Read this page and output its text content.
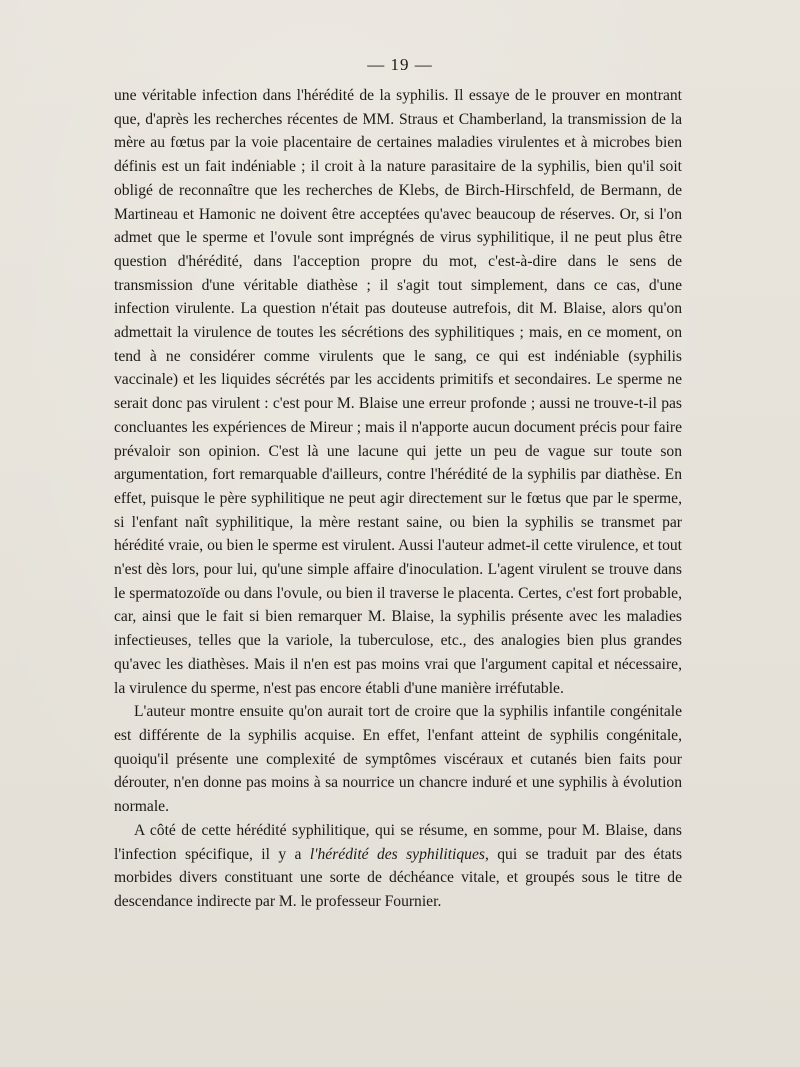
— 19 —

une véritable infection dans l'hérédité de la syphilis. Il essaye de le prouver en montrant que, d'après les recherches récentes de MM. Straus et Chamberland, la transmission de la mère au fœtus par la voie placentaire de certaines maladies virulentes et à microbes bien définis est un fait indéniable ; il croit à la nature parasitaire de la syphilis, bien qu'il soit obligé de reconnaître que les recherches de Klebs, de Birch-Hirschfeld, de Bermann, de Martineau et Hamonic ne doivent être acceptées qu'avec beaucoup de réserves. Or, si l'on admet que le sperme et l'ovule sont imprégnés de virus syphilitique, il ne peut plus être question d'hérédité, dans l'acception propre du mot, c'est-à-dire dans le sens de transmission d'une véritable diathèse ; il s'agit tout simplement, dans ce cas, d'une infection virulente. La question n'était pas douteuse autrefois, dit M. Blaise, alors qu'on admettait la virulence de toutes les sécrétions des syphilitiques ; mais, en ce moment, on tend à ne considérer comme virulents que le sang, ce qui est indéniable (syphilis vaccinale) et les liquides sécrétés par les accidents primitifs et secondaires. Le sperme ne serait donc pas virulent : c'est pour M. Blaise une erreur profonde ; aussi ne trouve-t-il pas concluantes les expériences de Mireur ; mais il n'apporte aucun document précis pour faire prévaloir son opinion. C'est là une lacune qui jette un peu de vague sur toute son argumentation, fort remarquable d'ailleurs, contre l'hérédité de la syphilis par diathèse. En effet, puisque le père syphilitique ne peut agir directement sur le fœtus que par le sperme, si l'enfant naît syphilitique, la mère restant saine, ou bien la syphilis se transmet par hérédité vraie, ou bien le sperme est virulent. Aussi l'auteur admet-il cette virulence, et tout n'est dès lors, pour lui, qu'une simple affaire d'inoculation. L'agent virulent se trouve dans le spermatozoïde ou dans l'ovule, ou bien il traverse le placenta. Certes, c'est fort probable, car, ainsi que le fait si bien remarquer M. Blaise, la syphilis présente avec les maladies infectieuses, telles que la variole, la tuberculose, etc., des analogies bien plus grandes qu'avec les diathèses. Mais il n'en est pas moins vrai que l'argument capital et nécessaire, la virulence du sperme, n'est pas encore établi d'une manière irréfutable.

L'auteur montre ensuite qu'on aurait tort de croire que la syphilis infantile congénitale est différente de la syphilis acquise. En effet, l'enfant atteint de syphilis congénitale, quoiqu'il présente une complexité de symptômes viscéraux et cutanés bien faits pour dérouter, n'en donne pas moins à sa nourrice un chancre induré et une syphilis à évolution normale.

A côté de cette hérédité syphilitique, qui se résume, en somme, pour M. Blaise, dans l'infection spécifique, il y a l'hérédité des syphilitiques, qui se traduit par des états morbides divers constituant une sorte de déchéance vitale, et groupés sous le titre de descendance indirecte par M. le professeur Fournier.
